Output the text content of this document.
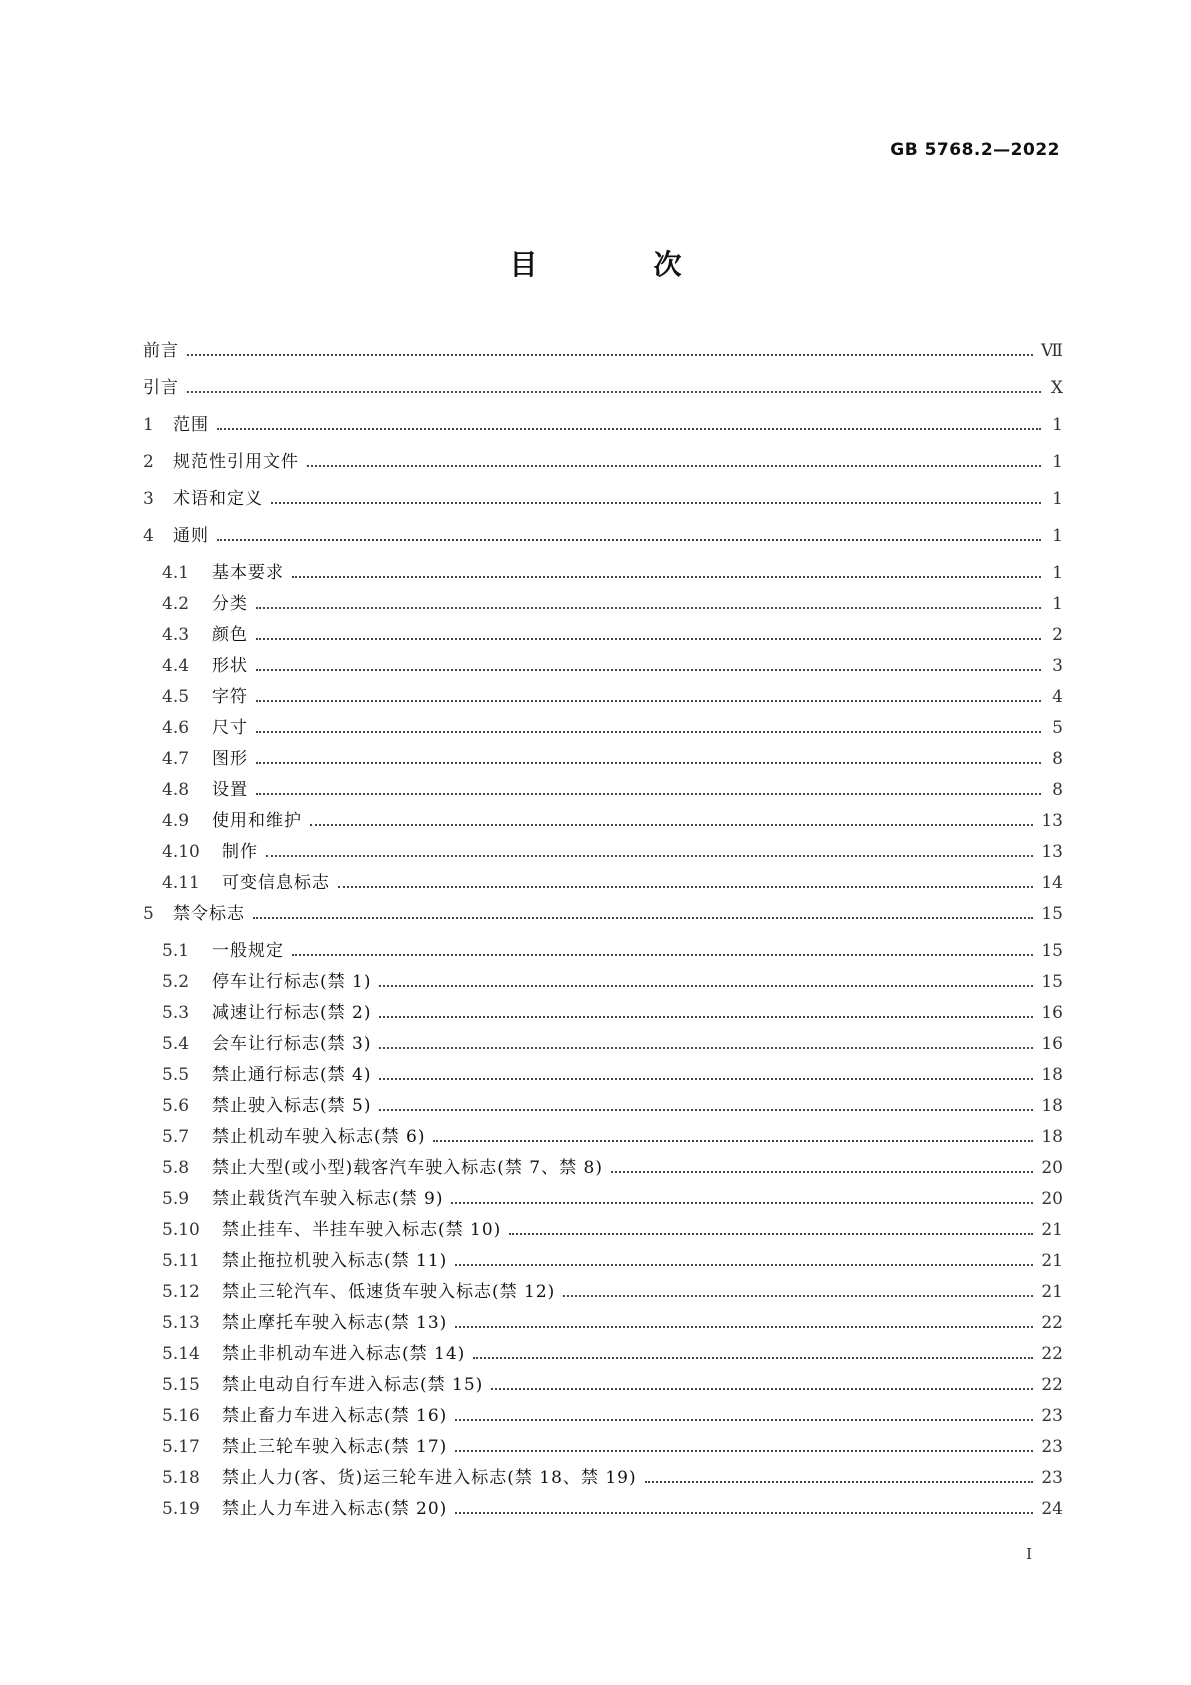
GB 5768.2—2022
目　次
前言	Ⅶ
引言	Ⅹ
1	范围	1
2	规范性引用文件	1
3	术语和定义	1
4	通则	1
4.1	基本要求	1
4.2	分类	1
4.3	颜色	2
4.4	形状	3
4.5	字符	4
4.6	尺寸	5
4.7	图形	8
4.8	设置	8
4.9	使用和维护	13
4.10	制作	13
4.11	可变信息标志	14
5	禁令标志	15
5.1	一般规定	15
5.2	停车让行标志(禁 1)	15
5.3	减速让行标志(禁 2)	16
5.4	会车让行标志(禁 3)	16
5.5	禁止通行标志(禁 4)	18
5.6	禁止驶入标志(禁 5)	18
5.7	禁止机动车驶入标志(禁 6)	18
5.8	禁止大型(或小型)载客汽车驶入标志(禁 7、禁 8)	20
5.9	禁止载货汽车驶入标志(禁 9)	20
5.10	禁止挂车、半挂车驶入标志(禁 10)	21
5.11	禁止拖拉机驶入标志(禁 11)	21
5.12	禁止三轮汽车、低速货车驶入标志(禁 12)	21
5.13	禁止摩托车驶入标志(禁 13)	22
5.14	禁止非机动车进入标志(禁 14)	22
5.15	禁止电动自行车进入标志(禁 15)	22
5.16	禁止畜力车进入标志(禁 16)	23
5.17	禁止三轮车驶入标志(禁 17)	23
5.18	禁止人力(客、货)运三轮车进入标志(禁 18、禁 19)	23
5.19	禁止人力车进入标志(禁 20)	24
Ⅰ
